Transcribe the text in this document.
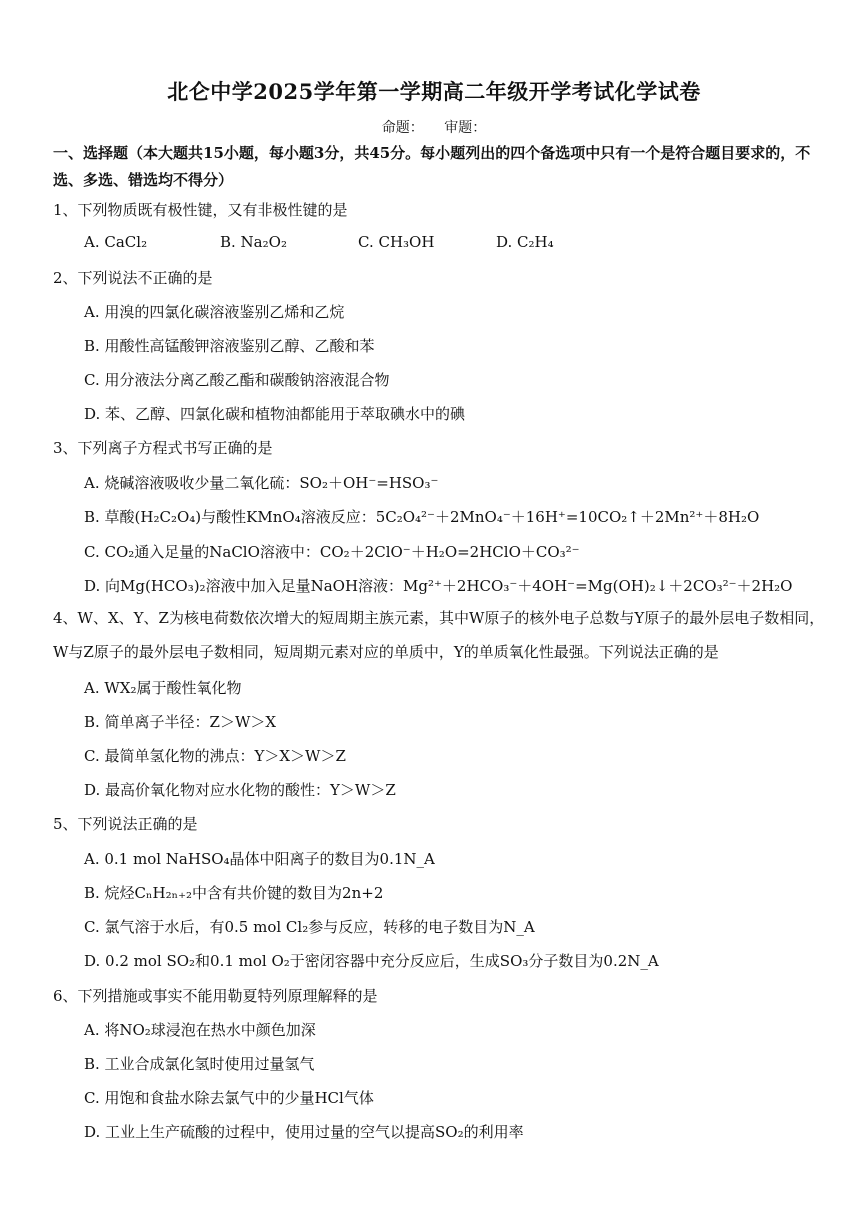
北仑中学2025学年第一学期高二年级开学考试化学试卷
命题： 审题：
一、选择题（本大题共15小题，每小题3分，共45分。每小题列出的四个备选项中只有一个是符合题目要求的，不选、多选、错选均不得分）
1、下列物质既有极性键，又有非极性键的是
A. CaCl₂	B. Na₂O₂	C. CH₃OH	D. C₂H₄
2、下列说法不正确的是
A. 用溴的四氯化碳溶液鉴别乙烯和乙烷
B. 用酸性高锰酸钾溶液鉴别乙醇、乙酸和苯
C. 用分液法分离乙酸乙酯和碳酸钠溶液混合物
D. 苯、乙醇、四氯化碳和植物油都能用于萃取碘水中的碘
3、下列离子方程式书写正确的是
A. 烧碱溶液吸收少量二氧化硫：SO₂＋OH⁻=HSO₃⁻
B. 草酸(H₂C₂O₄)与酸性KMnO₄溶液反应：5C₂O₄²⁻＋2MnO₄⁻＋16H⁺=10CO₂↑＋2Mn²⁺＋8H₂O
C. CO₂通入足量的NaClO溶液中：CO₂＋2ClO⁻＋H₂O=2HClO＋CO₃²⁻
D. 向Mg(HCO₃)₂溶液中加入足量NaOH溶液：Mg²⁺＋2HCO₃⁻＋4OH⁻=Mg(OH)₂↓＋2CO₃²⁻＋2H₂O
4、W、X、Y、Z为核电荷数依次增大的短周期主族元素，其中W原子的核外电子总数与Y原子的最外层电子数相同，W与Z原子的最外层电子数相同，短周期元素对应的单质中，Y的单质氧化性最强。下列说法正确的是
A. WX₂属于酸性氧化物
B. 简单离子半径：Z＞W＞X
C. 最简单氢化物的沸点：Y＞X＞W＞Z
D. 最高价氧化物对应水化物的酸性：Y＞W＞Z
5、下列说法正确的是
A. 0.1 mol NaHSO₄晶体中阳离子的数目为0.1N_A
B. 烷烃CₙH₂ₙ₊₂中含有共价键的数目为2n+2
C. 氯气溶于水后，有0.5 mol Cl₂参与反应，转移的电子数目为N_A
D. 0.2 mol SO₂和0.1 mol O₂于密闭容器中充分反应后，生成SO₃分子数目为0.2N_A
6、下列措施或事实不能用勒夏特列原理解释的是
A. 将NO₂球浸泡在热水中颜色加深
B. 工业合成氯化氢时使用过量氢气
C. 用饱和食盐水除去氯气中的少量HCl气体
D. 工业上生产硫酸的过程中，使用过量的空气以提高SO₂的利用率
